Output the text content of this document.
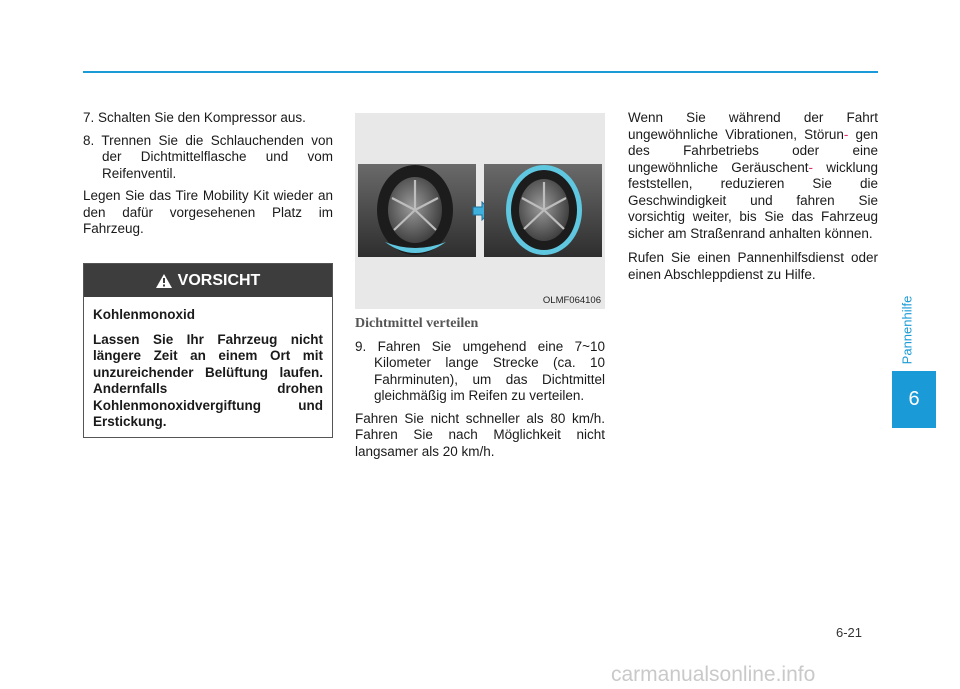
7. Schalten Sie den Kompressor aus.
8. Trennen Sie die Schlauchenden von der Dichtmittelflasche und vom Reifenventil.

Legen Sie das Tire Mobility Kit wieder an den dafür vorgesehenen Platz im Fahrzeug.

VORSICHT

Kohlenmonoxid

Lassen Sie Ihr Fahrzeug nicht längere Zeit an einem Ort mit unzureichender Belüftung laufen. Andernfalls drohen Kohlenmonoxidvergiftung und Erstickung.

OLMF064106
Dichtmittel verteilen
9. Fahren Sie umgehend eine 7~10 Kilometer lange Strecke (ca. 10 Fahrminuten), um das Dichtmittel gleichmäßig im Reifen zu verteilen.

Fahren Sie nicht schneller als 80 km/h. Fahren Sie nach Möglichkeit nicht langsamer als 20 km/h.

Wenn Sie während der Fahrt ungewöhnliche Vibrationen, Störun- gen des Fahrbetriebs oder eine ungewöhnliche Geräuschent- wicklung feststellen, reduzieren Sie die Geschwindigkeit und fahren Sie vorsichtig weiter, bis Sie das Fahrzeug sicher am Straßenrand anhalten können.

Rufen Sie einen Pannenhilfsdienst oder einen Abschleppdienst zu Hilfe.

Pannenhilfe
6
6-21
carmanualsonline.info
